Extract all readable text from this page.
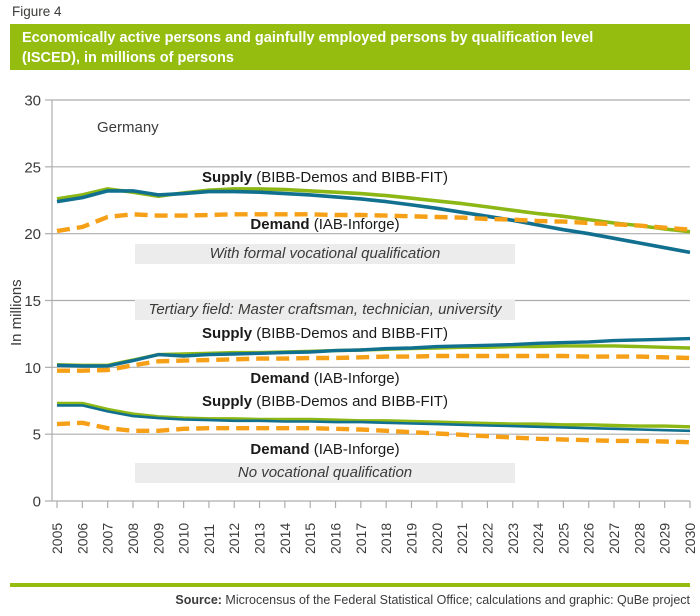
Figure 4
Economically active persons and gainfully employed persons by qualification level
(ISCED), in millions of persons
0
5
10
15
20
25
30
2005 2006 2007 2008 2009 2010 2011 2012 2013 2014 2015 2016 2017 2018 2019 2020 2021 2022 2023 2024 2025 2026 2027 2028 2029 2030
Germany
In millions
Supply (BIBB-Demos and BIBB-FIT)
Demand (IAB-Inforge)
With formal vocational qualification
Tertiary field: Master craftsman, technician, university
Supply (BIBB-Demos and BIBB-FIT)
Demand (IAB-Inforge)
Supply (BIBB-Demos and BIBB-FIT)
Demand (IAB-Inforge)
No vocational qualification
Source: Microcensus of the Federal Statistical Office; calculations and graphic: QuBe project
